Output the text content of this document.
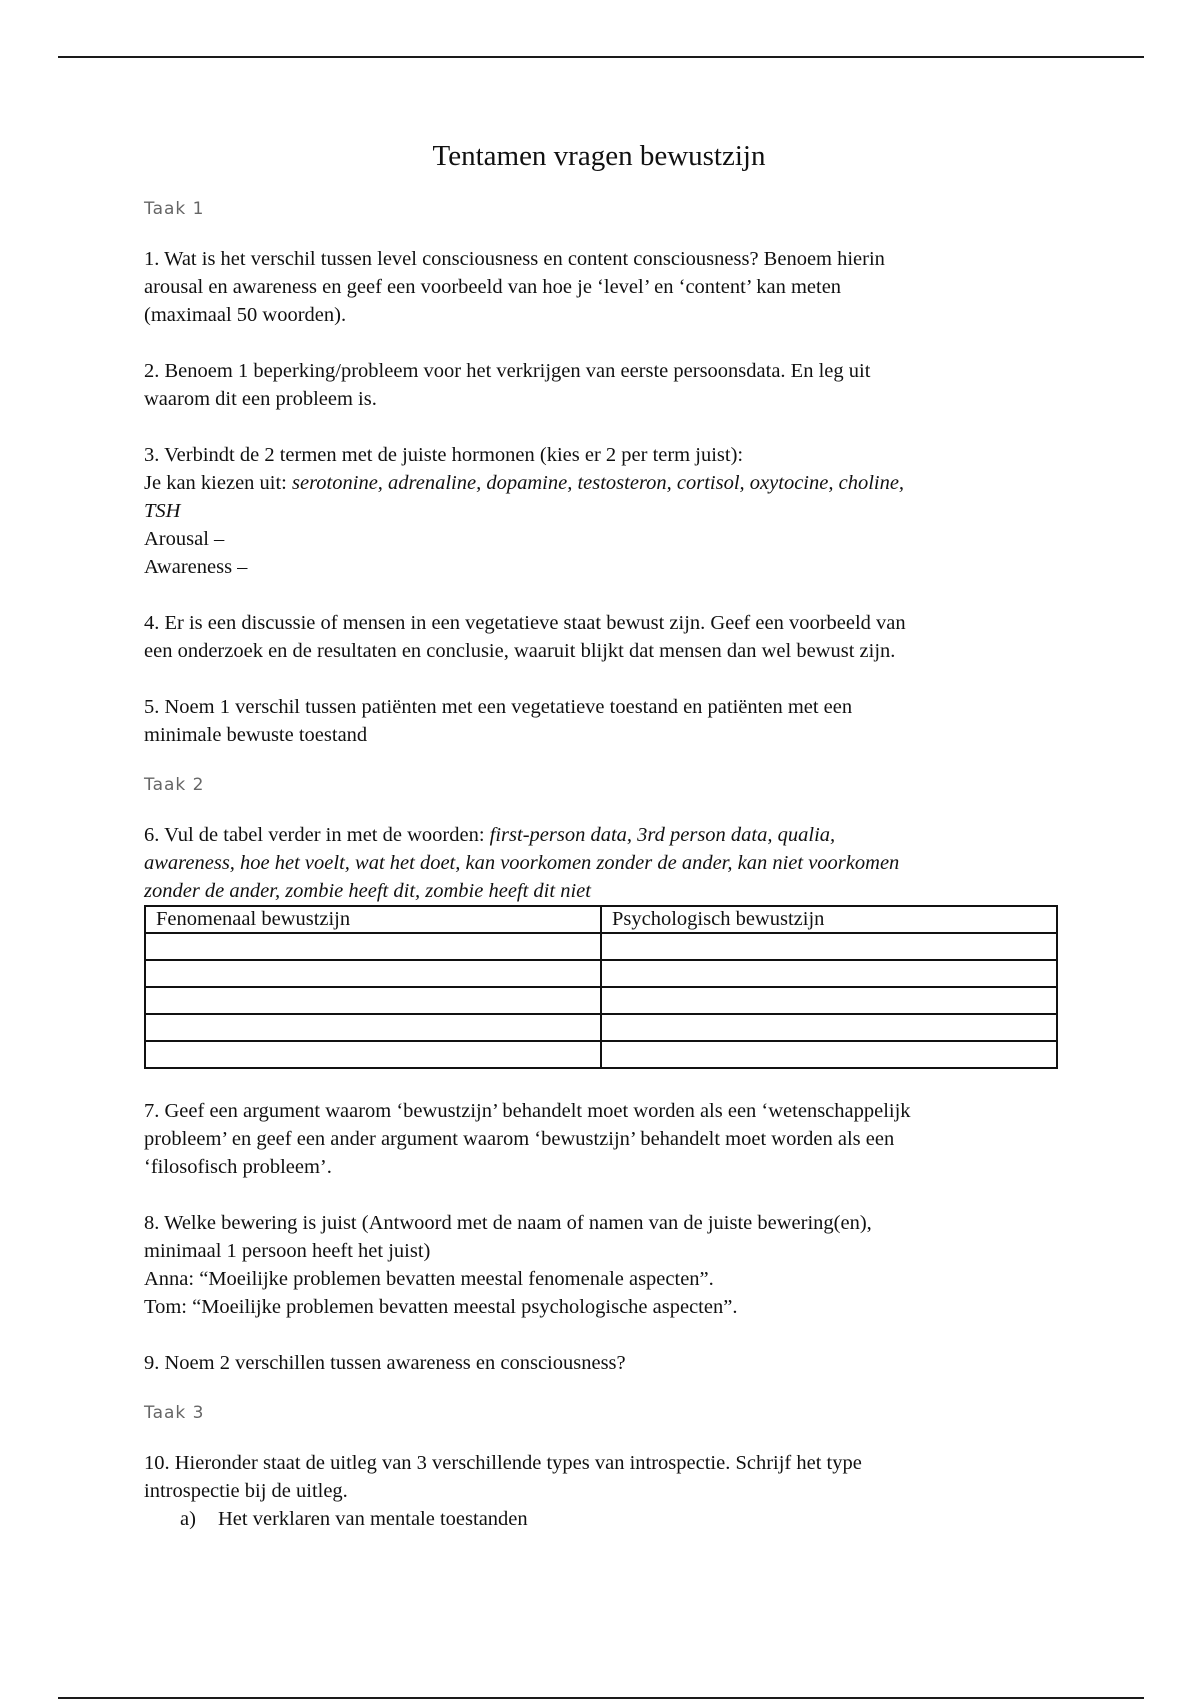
Tentamen vragen bewustzijn
Taak 1

1. Wat is het verschil tussen level consciousness en content consciousness? Benoem hierin

arousal en awareness en geef een voorbeeld van hoe je ‘level’ en ‘content’ kan meten

(maximaal 50 woorden).

2. Benoem 1 beperking/probleem voor het verkrijgen van eerste persoonsdata. En leg uit

waarom dit een probleem is.

3. Verbindt de 2 termen met de juiste hormonen (kies er 2 per term juist):

Je kan kiezen uit: serotonine, adrenaline, dopamine, testosteron, cortisol, oxytocine, choline,

TSH

Arousal –

Awareness –

4. Er is een discussie of mensen in een vegetatieve staat bewust zijn. Geef een voorbeeld van

een onderzoek en de resultaten en conclusie, waaruit blijkt dat mensen dan wel bewust zijn.

5. Noem 1 verschil tussen patiënten met een vegetatieve toestand en patiënten met een

minimale bewuste toestand

Taak 2

6. Vul de tabel verder in met de woorden: first-person data, 3rd person data, qualia,

awareness, hoe het voelt, wat het doet, kan voorkomen zonder de ander, kan niet voorkomen

zonder de ander, zombie heeft dit, zombie heeft dit niet

Fenomenaal bewustzijn	Psychologisch bewustzijn

7. Geef een argument waarom ‘bewustzijn’ behandelt moet worden als een ‘wetenschappelijk

probleem’ en geef een ander argument waarom ‘bewustzijn’ behandelt moet worden als een

‘filosofisch probleem’.

8. Welke bewering is juist (Antwoord met de naam of namen van de juiste bewering(en),

minimaal 1 persoon heeft het juist)

Anna: “Moeilijke problemen bevatten meestal fenomenale aspecten”.

Tom: “Moeilijke problemen bevatten meestal psychologische aspecten”.

9. Noem 2 verschillen tussen awareness en consciousness?

Taak 3

10. Hieronder staat de uitleg van 3 verschillende types van introspectie. Schrijf het type

introspectie bij de uitleg.

a) Het verklaren van mentale toestanden
